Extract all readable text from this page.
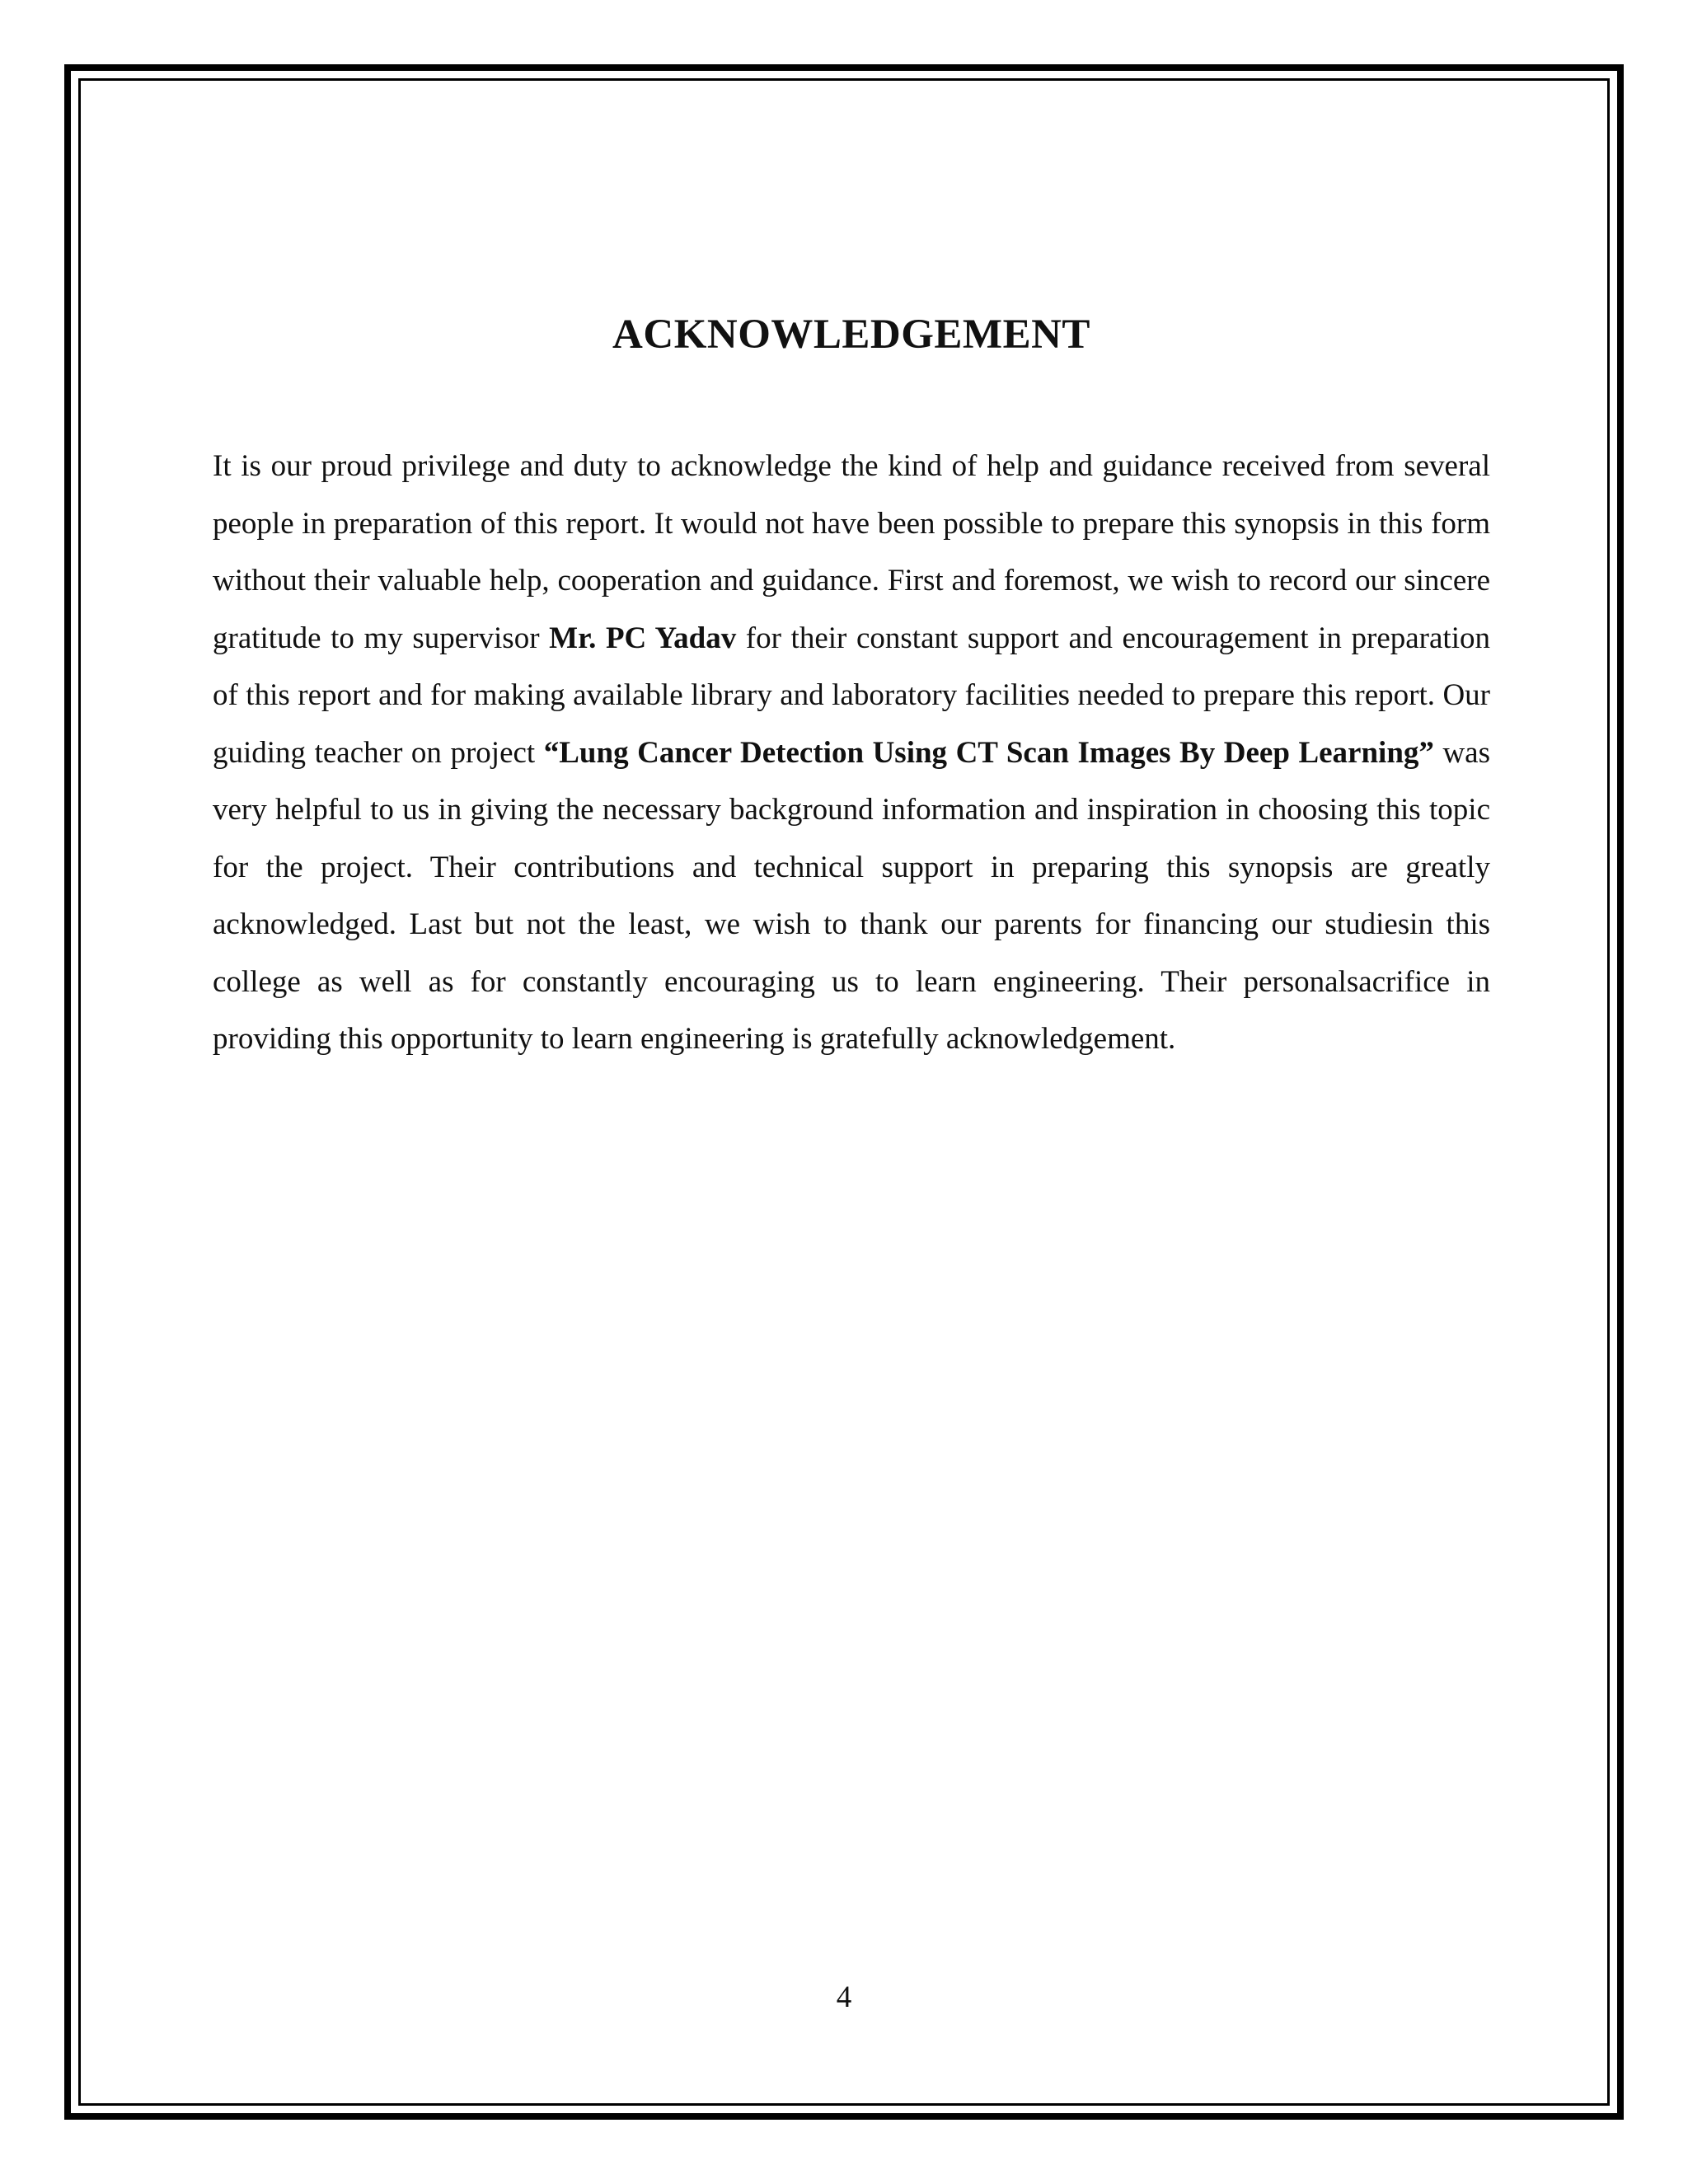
ACKNOWLEDGEMENT

It is our proud privilege and duty to acknowledge the kind of help and guidance received from several people in preparation of this report. It would not have been possible to prepare this synopsis in this form without their valuable help, cooperation and guidance. First and foremost, we wish to record our sincere gratitude to my supervisor Mr. PC Yadav for their constant support and encouragement in preparation of this report and for making available library and laboratory facilities needed to prepare this report. Our guiding teacher on project “Lung Cancer Detection Using CT Scan Images By Deep Learning” was very helpful to us in giving the necessary background information and inspiration in choosing this topic for the project. Their contributions and technical support in preparing this synopsis are greatly acknowledged. Last but not the least, we wish to thank our parents for financing our studiesin this college as well as for constantly encouraging us to learn engineering. Their personalsacrifice in providing this opportunity to learn engineering is gratefully acknowledgement.

4
